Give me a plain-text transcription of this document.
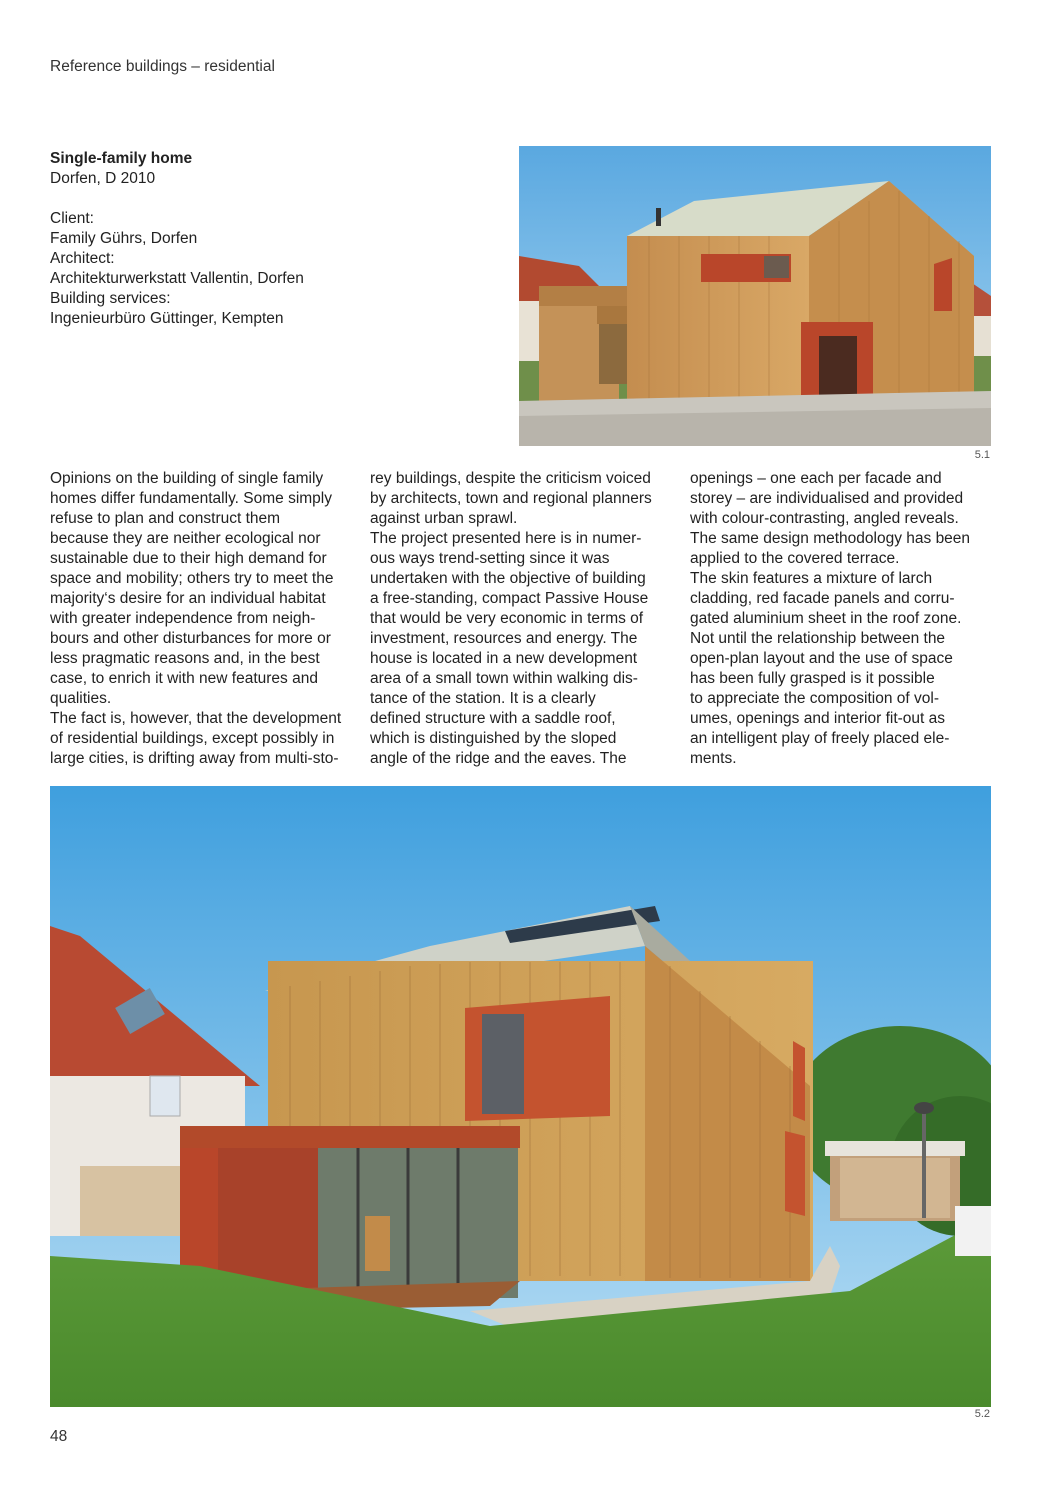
Reference buildings – residential
Single-family home
Dorfen, D 2010
Client:
Family Gührs, Dorfen
Architect:
Architekturwerkstatt Vallentin, Dorfen
Building services:
Ingenieurbüro Güttinger, Kempten
5.1

Opinions on the building of single family

homes differ fundamentally. Some simply

refuse to plan and construct them

because they are neither ecological nor

sustainable due to their high demand for

space and mobility; others try to meet the

majority‘s desire for an individual habitat

with greater independence from neigh-

bours and other disturbances for more or

less pragmatic reasons and, in the best

case, to enrich it with new features and

qualities.

The fact is, however, that the development

of residential buildings, except possibly in

large cities, is drifting away from multi-sto-

rey buildings, despite the criticism voiced

by architects, town and regional planners

against urban sprawl.

The project presented here is in numer-

ous ways trend-setting since it was

undertaken with the objective of building

a free-standing, compact Passive House

that would be very economic in terms of

investment, resources and energy. The

house is located in a new development

area of a small town within walking dis-

tance of the station. It is a clearly

defined structure with a saddle roof,

which is distinguished by the sloped

angle of the ridge and the eaves. The

openings – one each per facade and

storey – are individualised and provided

with colour-contrasting, angled reveals.

The same design methodology has been

applied to the covered terrace.

The skin features a mixture of larch

cladding, red facade panels and corru-

gated aluminium sheet in the roof zone.

Not until the relationship between the

open-plan layout and the use of space

has been fully grasped is it possible

to appreciate the composition of vol-

umes, openings and interior fit-out as

an intelligent play of freely placed ele-

ments.

5.2
48
